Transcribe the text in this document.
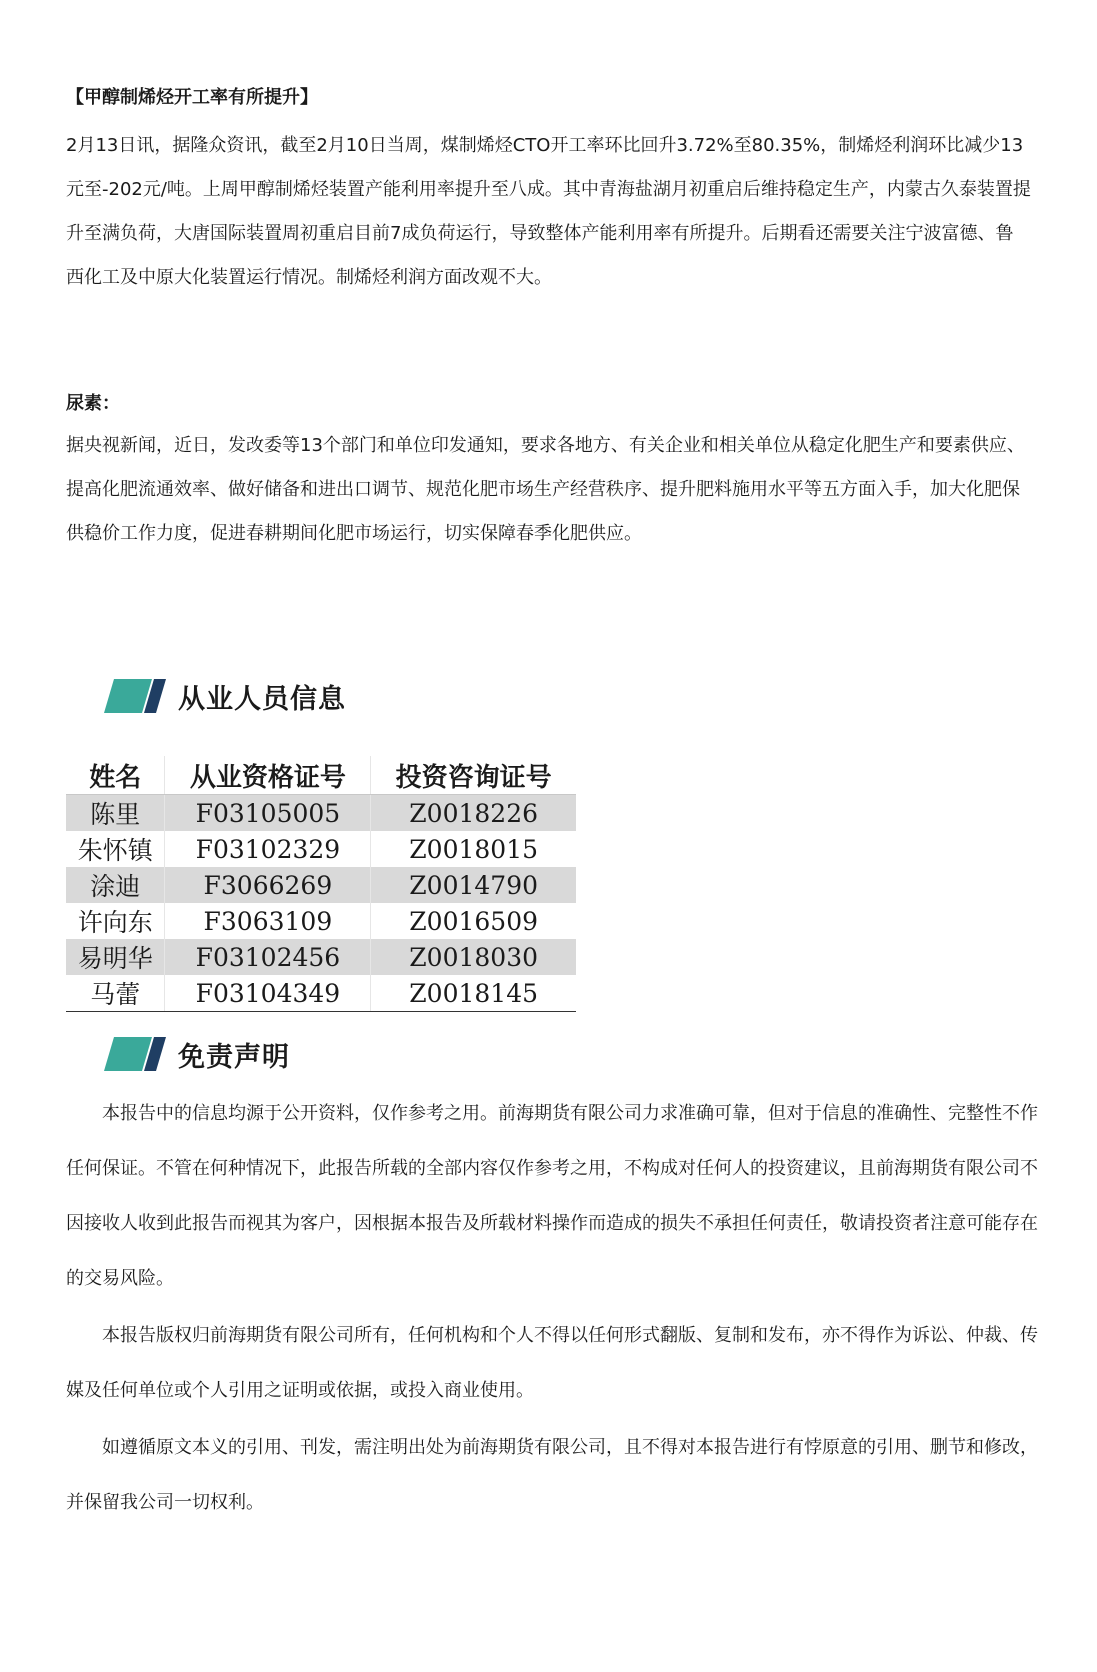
【甲醇制烯烃开工率有所提升】

2月13日讯，据隆众资讯，截至2月10日当周，煤制烯烃CTO开工率环比回升3.72%至80.35%，制烯烃利润环比减少13元至-202元/吨。上周甲醇制烯烃装置产能利用率提升至八成。其中青海盐湖月初重启后维持稳定生产，内蒙古久泰装置提升至满负荷，大唐国际装置周初重启目前7成负荷运行，导致整体产能利用率有所提升。后期看还需要关注宁波富德、鲁西化工及中原大化装置运行情况。制烯烃利润方面改观不大。

尿素：

据央视新闻，近日，发改委等13个部门和单位印发通知，要求各地方、有关企业和相关单位从稳定化肥生产和要素供应、提高化肥流通效率、做好储备和进出口调节、规范化肥市场生产经营秩序、提升肥料施用水平等五方面入手，加大化肥保供稳价工作力度，促进春耕期间化肥市场运行，切实保障春季化肥供应。

从业人员信息
姓名	从业资格证号	投资咨询证号
陈里	F03105005	Z0018226
朱怀镇	F03102329	Z0018015
涂迪	F3066269	Z0014790
许向东	F3063109	Z0016509
易明华	F03102456	Z0018030
马蕾	F03104349	Z0018145
免责声明

本报告中的信息均源于公开资料，仅作参考之用。前海期货有限公司力求准确可靠，但对于信息的准确性、完整性不作任何保证。不管在何种情况下，此报告所载的全部内容仅作参考之用，不构成对任何人的投资建议，且前海期货有限公司不因接收人收到此报告而视其为客户，因根据本报告及所载材料操作而造成的损失不承担任何责任，敬请投资者注意可能存在的交易风险。

本报告版权归前海期货有限公司所有，任何机构和个人不得以任何形式翻版、复制和发布，亦不得作为诉讼、仲裁、传媒及任何单位或个人引用之证明或依据，或投入商业使用。

如遵循原文本义的引用、刊发，需注明出处为前海期货有限公司，且不得对本报告进行有悖原意的引用、删节和修改，并保留我公司一切权利。
